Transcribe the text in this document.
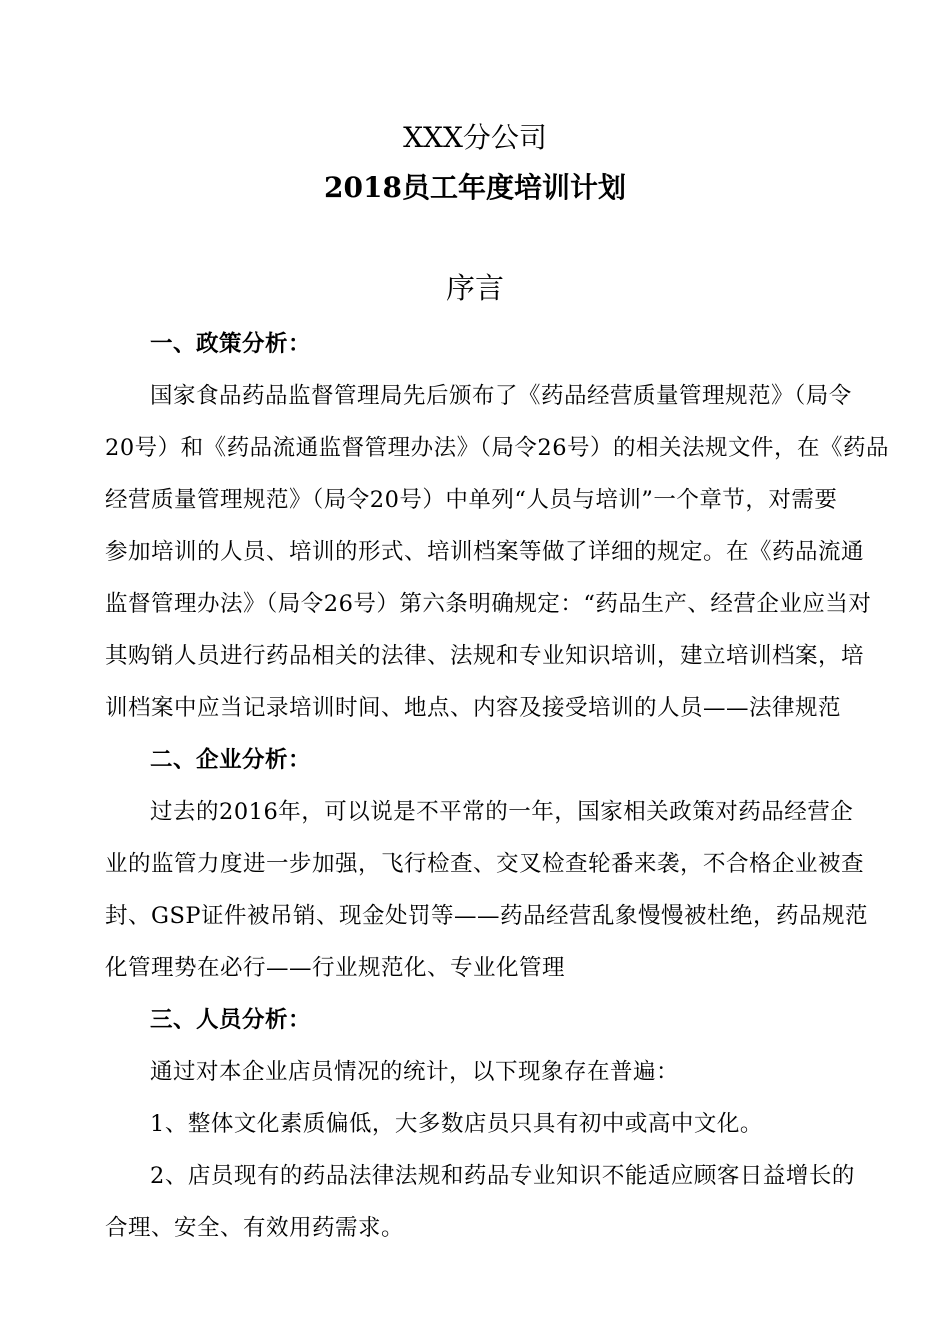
XXX分公司
2018员工年度培训计划
序言
一、政策分析：
国家食品药品监督管理局先后颁布了《药品经营质量管理规范》（局令
20号）和《药品流通监督管理办法》（局令26号）的相关法规文件，在《药品
经营质量管理规范》（局令20号）中单列“人员与培训”一个章节，对需要
参加培训的人员、培训的形式、培训档案等做了详细的规定。在《药品流通
监督管理办法》（局令26号）第六条明确规定：“药品生产、经营企业应当对
其购销人员进行药品相关的法律、法规和专业知识培训，建立培训档案，培
训档案中应当记录培训时间、地点、内容及接受培训的人员——法律规范
二、企业分析：
过去的2016年，可以说是不平常的一年，国家相关政策对药品经营企
业的监管力度进一步加强，飞行检查、交叉检查轮番来袭，不合格企业被查
封、GSP证件被吊销、现金处罚等——药品经营乱象慢慢被杜绝，药品规范
化管理势在必行——行业规范化、专业化管理
三、人员分析：
通过对本企业店员情况的统计，以下现象存在普遍：
1、整体文化素质偏低，大多数店员只具有初中或高中文化。
2、店员现有的药品法律法规和药品专业知识不能适应顾客日益增长的
合理、安全、有效用药需求。
